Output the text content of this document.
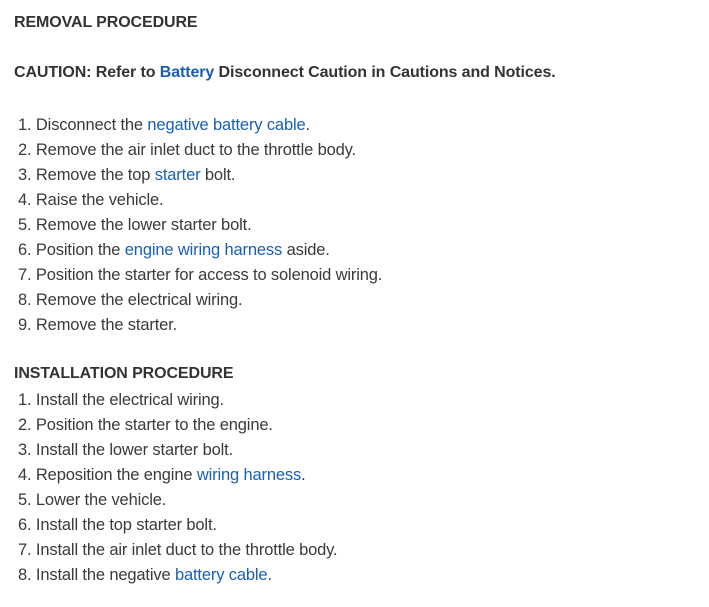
REMOVAL PROCEDURE
CAUTION: Refer to Battery Disconnect Caution in Cautions and Notices.
1. Disconnect the negative battery cable.
2. Remove the air inlet duct to the throttle body.
3. Remove the top starter bolt.
4. Raise the vehicle.
5. Remove the lower starter bolt.
6. Position the engine wiring harness aside.
7. Position the starter for access to solenoid wiring.
8. Remove the electrical wiring.
9. Remove the starter.
INSTALLATION PROCEDURE
1. Install the electrical wiring.
2. Position the starter to the engine.
3. Install the lower starter bolt.
4. Reposition the engine wiring harness.
5. Lower the vehicle.
6. Install the top starter bolt.
7. Install the air inlet duct to the throttle body.
8. Install the negative battery cable.
